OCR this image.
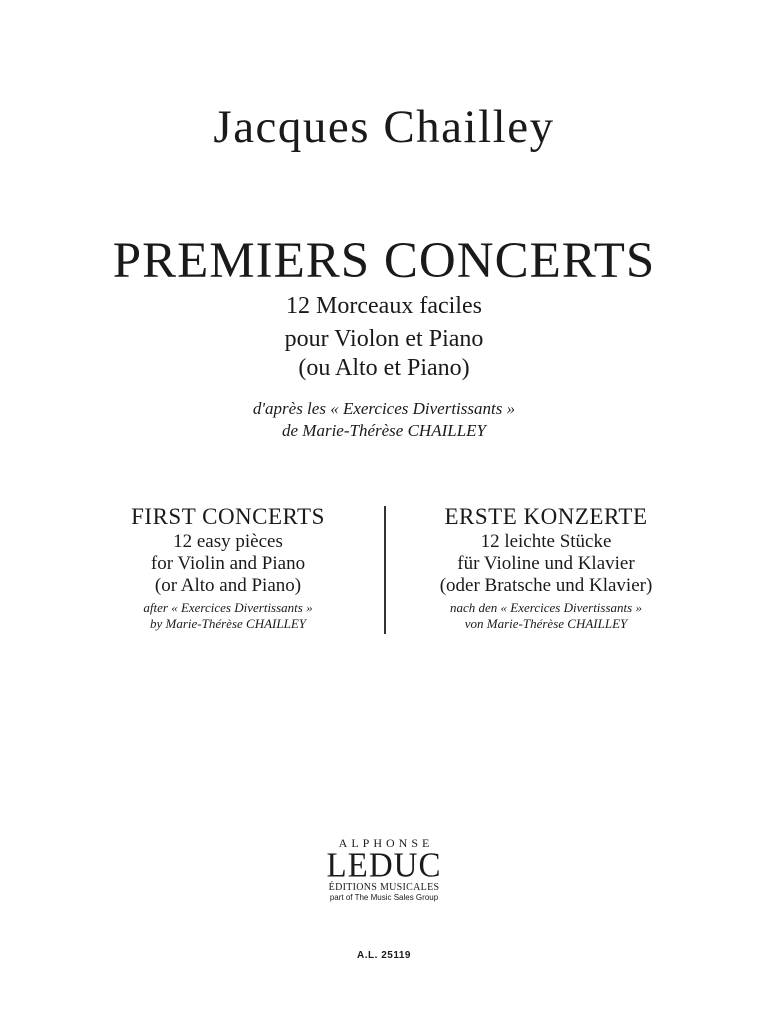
Jacques Chailley
PREMIERS CONCERTS
12 Morceaux faciles
pour Violon et Piano
(ou Alto et Piano)
d'après les « Exercices Divertissants »
de Marie-Thérèse CHAILLEY
FIRST CONCERTS
12 easy pièces
for Violin and Piano
(or Alto and Piano)
after « Exercices Divertissants »
by Marie-Thérèse CHAILLEY
ERSTE KONZERTE
12 leichte Stücke
für Violine und Klavier
(oder Bratsche und Klavier)
nach den « Exercices Divertissants »
von Marie-Thérèse CHAILLEY
ALPHONSE
LEDUC
ÉDITIONS MUSICALES
part of The Music Sales Group
A.L. 25119
